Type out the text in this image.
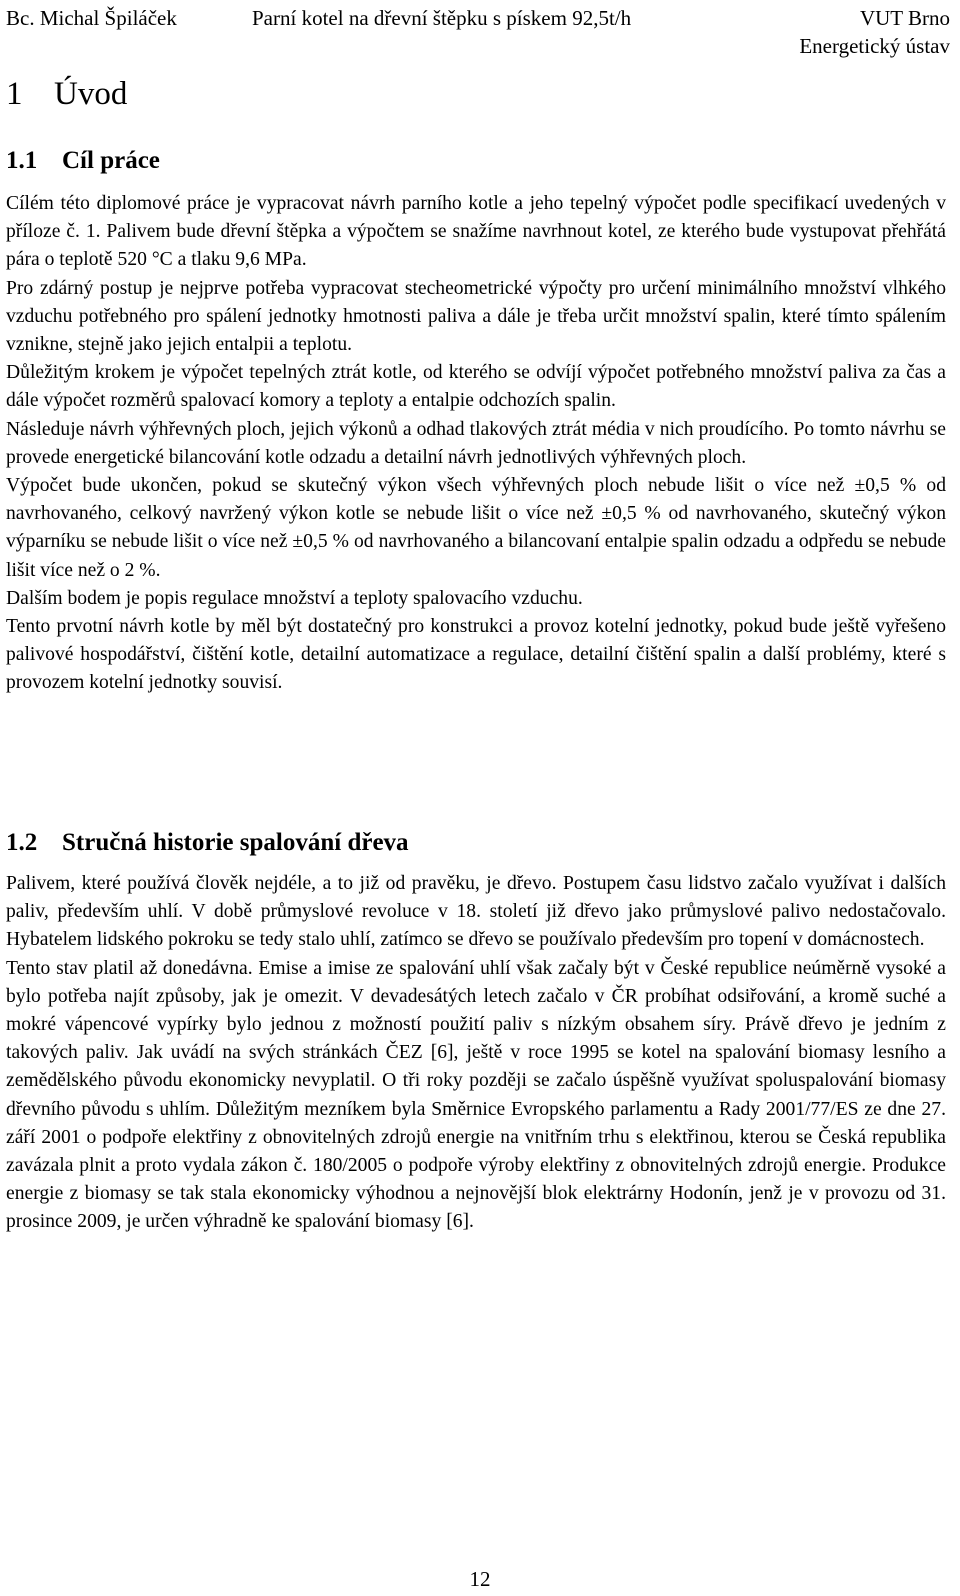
Bc. Michal Špiláček	Parní kotel na dřevní štěpku s pískem 92,5t/h	VUT Brno
Energetický ústav
1 Úvod
1.1 Cíl práce

Cílém této diplomové práce je vypracovat návrh parního kotle a jeho tepelný výpočet podle specifikací uvedených v příloze č. 1. Palivem bude dřevní štěpka a výpočtem se snažíme navrhnout kotel, ze kterého bude vystupovat přehřátá pára o teplotě 520 °C a tlaku 9,6 MPa.

Pro zdárný postup je nejprve potřeba vypracovat stecheometrické výpočty pro určení minimálního množství vlhkého vzduchu potřebného pro spálení jednotky hmotnosti paliva a dále je třeba určit množství spalin, které tímto spálením vznikne, stejně jako jejich entalpii a teplotu.

Důležitým krokem je výpočet tepelných ztrát kotle, od kterého se odvíjí výpočet potřebného množství paliva za čas a dále výpočet rozměrů spalovací komory a teploty a entalpie odchozích spalin.

Následuje návrh výhřevných ploch, jejich výkonů a odhad tlakových ztrát média v nich proudícího. Po tomto návrhu se provede energetické bilancování kotle odzadu a detailní návrh jednotlivých výhřevných ploch.

Výpočet bude ukončen, pokud se skutečný výkon všech výhřevných ploch nebude lišit o více než ±0,5 % od navrhovaného, celkový navržený výkon kotle se nebude lišit o více než ±0,5 % od navrhovaného, skutečný výkon výparníku se nebude lišit o více než ±0,5 % od navrhovaného a bilancovaní entalpie spalin odzadu a odpředu se nebude lišit více než o 2 %.

Dalším bodem je popis regulace množství a teploty spalovacího vzduchu.

Tento prvotní návrh kotle by měl být dostatečný pro konstrukci a provoz kotelní jednotky, pokud bude ještě vyřešeno palivové hospodářství, čištění kotle, detailní automatizace a regulace, detailní čištění spalin a další problémy, které s provozem kotelní jednotky souvisí.

1.2 Stručná historie spalování dřeva

Palivem, které používá člověk nejdéle, a to již od pravěku, je dřevo. Postupem času lidstvo začalo využívat i dalších paliv, především uhlí. V době průmyslové revoluce v 18. století již dřevo jako průmyslové palivo nedostačovalo. Hybatelem lidského pokroku se tedy stalo uhlí, zatímco se dřevo se používalo především pro topení v domácnostech.

Tento stav platil až donedávna. Emise a imise ze spalování uhlí však začaly být v České republice neúměrně vysoké a bylo potřeba najít způsoby, jak je omezit. V devadesátých letech začalo v ČR probíhat odsiřování, a kromě suché a mokré vápencové vypírky bylo jednou z možností použití paliv s nízkým obsahem síry. Právě dřevo je jedním z takových paliv. Jak uvádí na svých stránkách ČEZ [6], ještě v roce 1995 se kotel na spalování biomasy lesního a zemědělského původu ekonomicky nevyplatil. O tři roky později se začalo úspěšně využívat spoluspalování biomasy dřevního původu s uhlím. Důležitým mezníkem byla Směrnice Evropského parlamentu a Rady 2001/77/ES ze dne 27. září 2001 o podpoře elektřiny z obnovitelných zdrojů energie na vnitřním trhu s elektřinou, kterou se Česká republika zavázala plnit a proto vydala zákon č. 180/2005 o podpoře výroby elektřiny z obnovitelných zdrojů energie. Produkce energie z biomasy se tak stala ekonomicky výhodnou a nejnovější blok elektrárny Hodonín, jenž je v provozu od 31. prosince 2009, je určen výhradně ke spalování biomasy [6].

12
